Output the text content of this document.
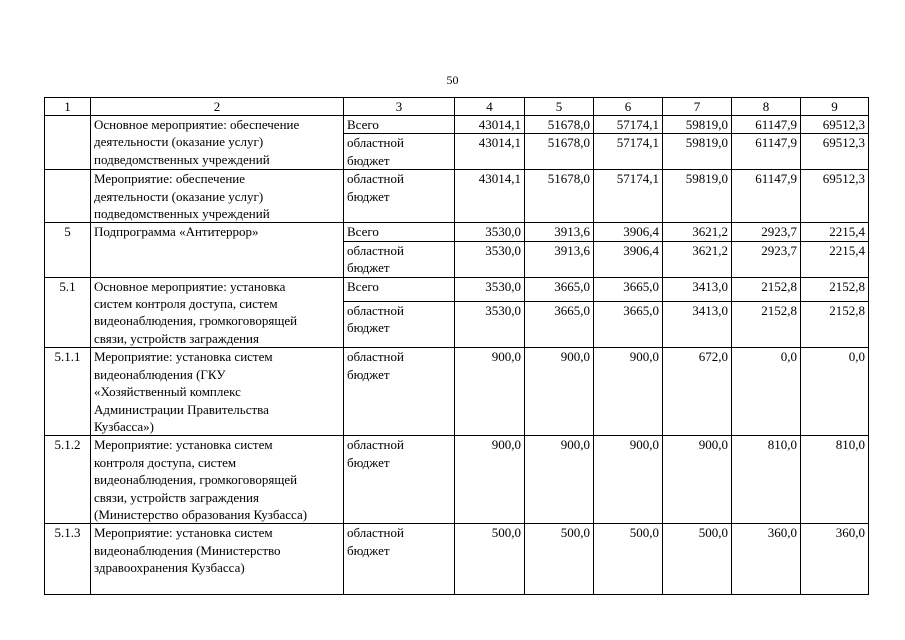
50
1	2	3	4	5	6	7	8	9

	Основное мероприятие: обеспечение
деятельности (оказание услуг)
подведомственных учреждений	Всего	43014,1	51678,0	57174,1	59819,0	61147,9	69512,3

		областной
бюджет	43014,1	51678,0	57174,1	59819,0	61147,9	69512,3

	Мероприятие: обеспечение
деятельности (оказание услуг)
подведомственных учреждений	областной
бюджет	43014,1	51678,0	57174,1	59819,0	61147,9	69512,3
5	Подпрограмма «Антитеррор»	Всего	3530,0	3913,6	3906,4	3621,2	2923,7	2215,4

		областной
бюджет	3530,0	3913,6	3906,4	3621,2	2923,7	2215,4
5.1	Основное мероприятие: установка
систем контроля доступа, систем
видеонаблюдения, громкоговорящей
связи, устройств заграждения	Всего	3530,0	3665,0	3665,0	3413,0	2152,8	2152,8

		областной
бюджет	3530,0	3665,0	3665,0	3413,0	2152,8	2152,8
5.1.1	Мероприятие: установка систем
видеонаблюдения (ГКУ
«Хозяйственный комплекс
Администрации Правительства
Кузбасса»)	областной
бюджет	900,0	900,0	900,0	672,0	0,0	0,0
5.1.2	Мероприятие: установка систем
контроля доступа, систем
видеонаблюдения, громкоговорящей
связи, устройств заграждения
(Министерство образования Кузбасса)	областной
бюджет	900,0	900,0	900,0	900,0	810,0	810,0
5.1.3	Мероприятие: установка систем
видеонаблюдения (Министерство
здравоохранения Кузбасса)	областной
бюджет	500,0	500,0	500,0	500,0	360,0	360,0
